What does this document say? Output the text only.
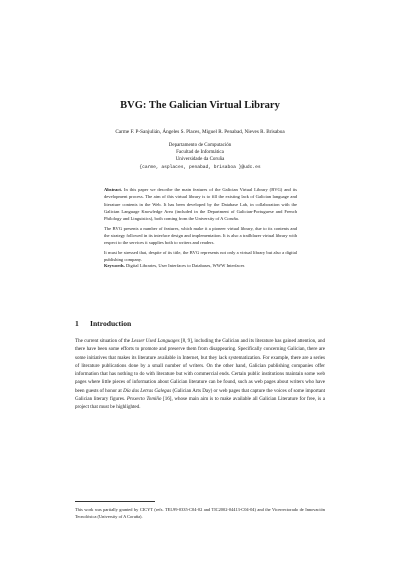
BVG: The Galician Virtual Library
Carme F. P-Sanjulián, Ángeles S. Places, Miguel R. Penabad, Nieves R. Brisaboa
Departamento de Computación
Facultad de Informática
Universidade da Coruña
{carme, asplaces, penabad, brisaboa }@udc.es

Abstract. In this paper we describe the main features of the Galician Virtual Library (BVG) and its development process. The aim of this virtual library is to fill the existing lack of Galician language and literature contents in the Web. It has been developed by the Database Lab, in collaboration with the Galician Language Knowledge Area (included in the Department of Galician-Portuguese and French Philology and Linguistics), both coming from the University of A Coruña.

The BVG presents a number of features, which make it a pioneer virtual library, due to its contents and the strategy followed in its interface design and implementation. It is also a trailblazer virtual library with respect to the services it supplies both to writers and readers.

It must be stressed that, despite of its title, the BVG represents not only a virtual library but also a digital publishing company.

Keywords. Digital Libraries, User Interfaces to Databases, WWW Interfaces
1 Introduction
The current situation of the Lesser Used Languages [8, 9], including the Galician and its literature has gained attention, and there have been some efforts to promote and preserve them from disappearing. Specifically concerning Galician, there are some initiatives that makes its literature available in Internet, but they lack systematization. For example, there are a series of literature publications done by a small number of writers. On the other hand, Galician publishing companies offer information that has nothing to do with literature but with commercial ends. Certain public institutions maintain some web pages where little pieces of information about Galician literature can be found, such as web pages about writers who have been guests of honor at Día das Letras Galegas (Galician Arts Day) or web pages that capture the voices of some important Galician literary figures. Proxecto Tomiño [16], whose main aim is to make available all Galician Literature for free, is a project that must be highlighted.
This work was partially granted by CICYT (refs. TEL99-0335-C04-02 and TIC2002-04413-C04-04) and the Vicerrectorado de Innovación Tecnolóxica (University of A Coruña).
